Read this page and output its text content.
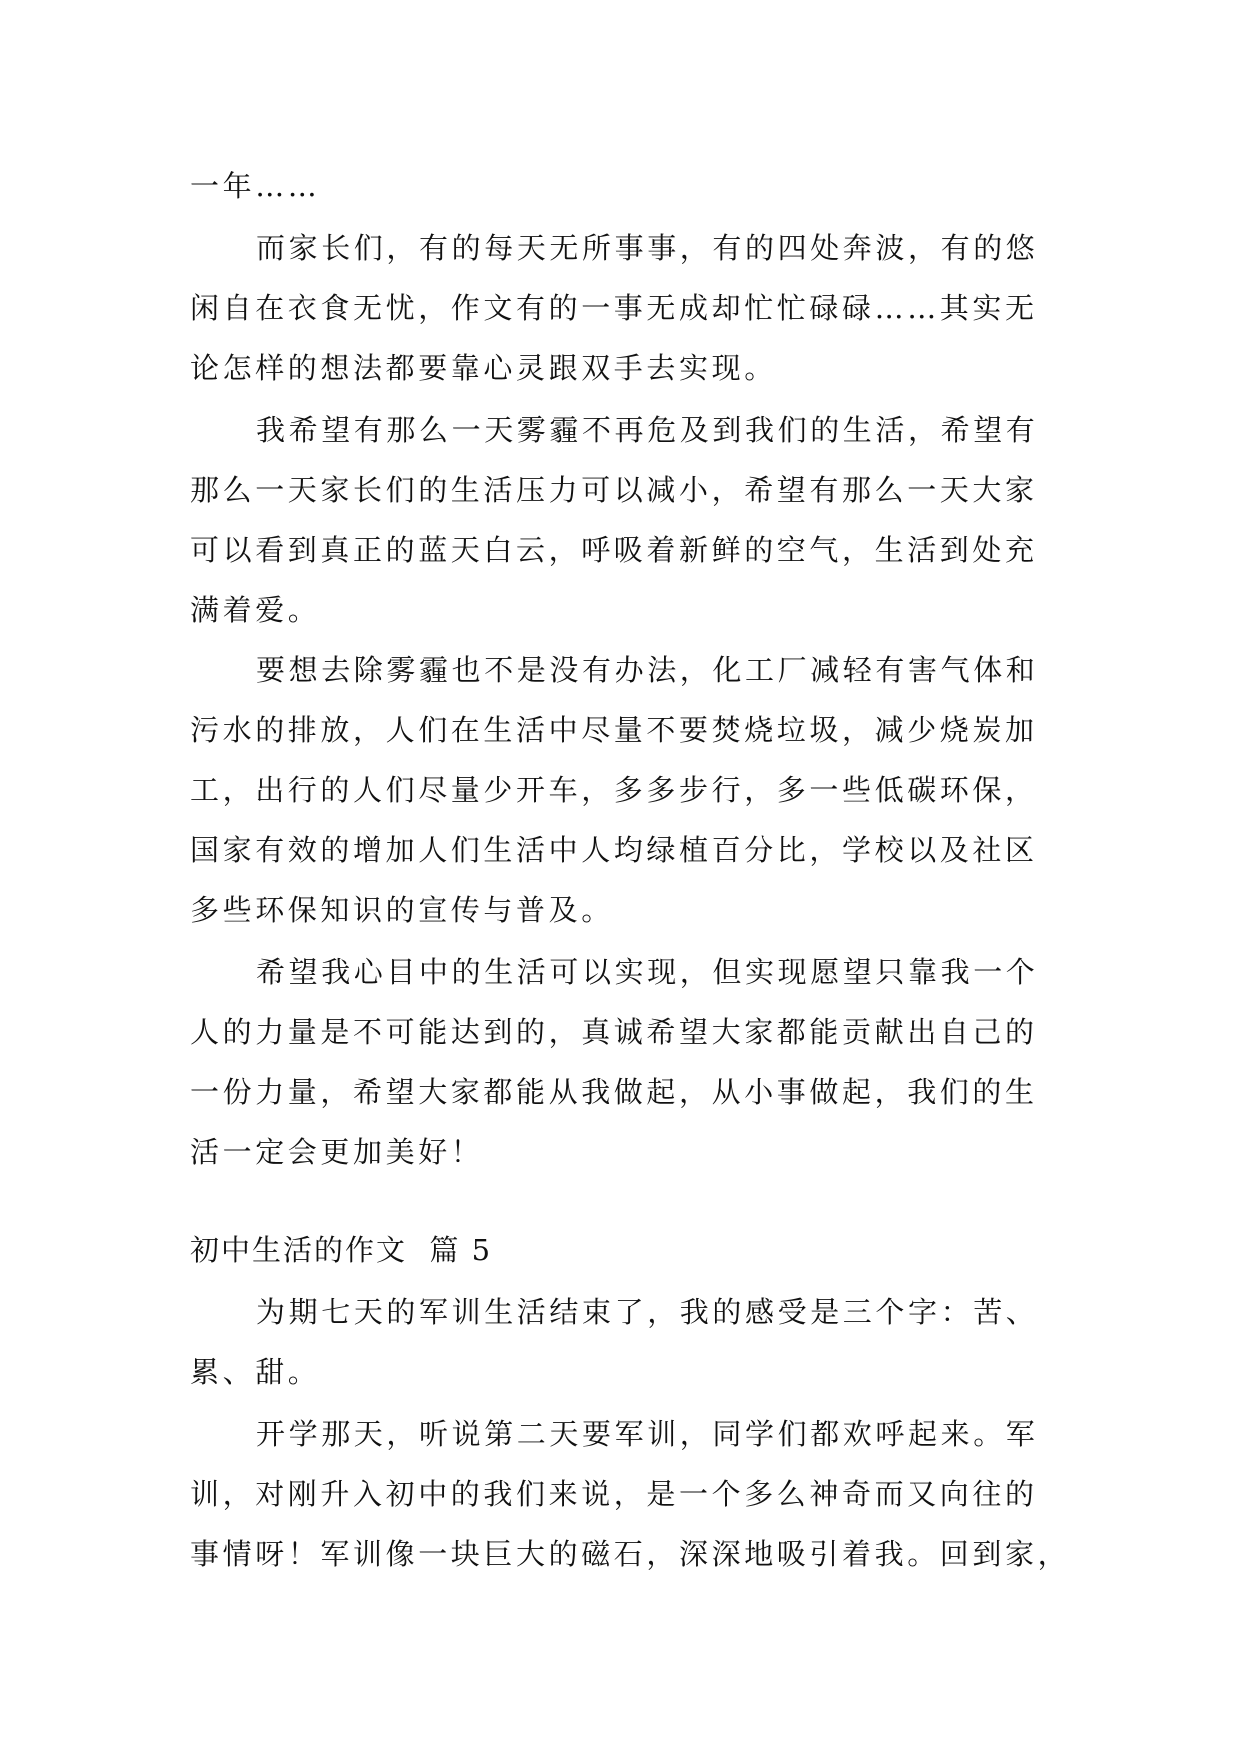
一年……
而家长们，有的每天无所事事，有的四处奔波，有的悠
闲自在衣食无忧，作文有的一事无成却忙忙碌碌……其实无
论怎样的想法都要靠心灵跟双手去实现。
我希望有那么一天雾霾不再危及到我们的生活，希望有
那么一天家长们的生活压力可以减小，希望有那么一天大家
可以看到真正的蓝天白云，呼吸着新鲜的空气，生活到处充
满着爱。
要想去除雾霾也不是没有办法，化工厂减轻有害气体和
污水的排放，人们在生活中尽量不要焚烧垃圾，减少烧炭加
工，出行的人们尽量少开车，多多步行，多一些低碳环保，
国家有效的增加人们生活中人均绿植百分比，学校以及社区
多些环保知识的宣传与普及。
希望我心目中的生活可以实现，但实现愿望只靠我一个
人的力量是不可能达到的，真诚希望大家都能贡献出自己的
一份力量，希望大家都能从我做起，从小事做起，我们的生
活一定会更加美好！
初中生活的作文  篇 5
为期七天的军训生活结束了，我的感受是三个字：苦、
累、甜。
开学那天，听说第二天要军训，同学们都欢呼起来。军
训，对刚升入初中的我们来说，是一个多么神奇而又向往的
事情呀！军训像一块巨大的磁石，深深地吸引着我。回到家，
